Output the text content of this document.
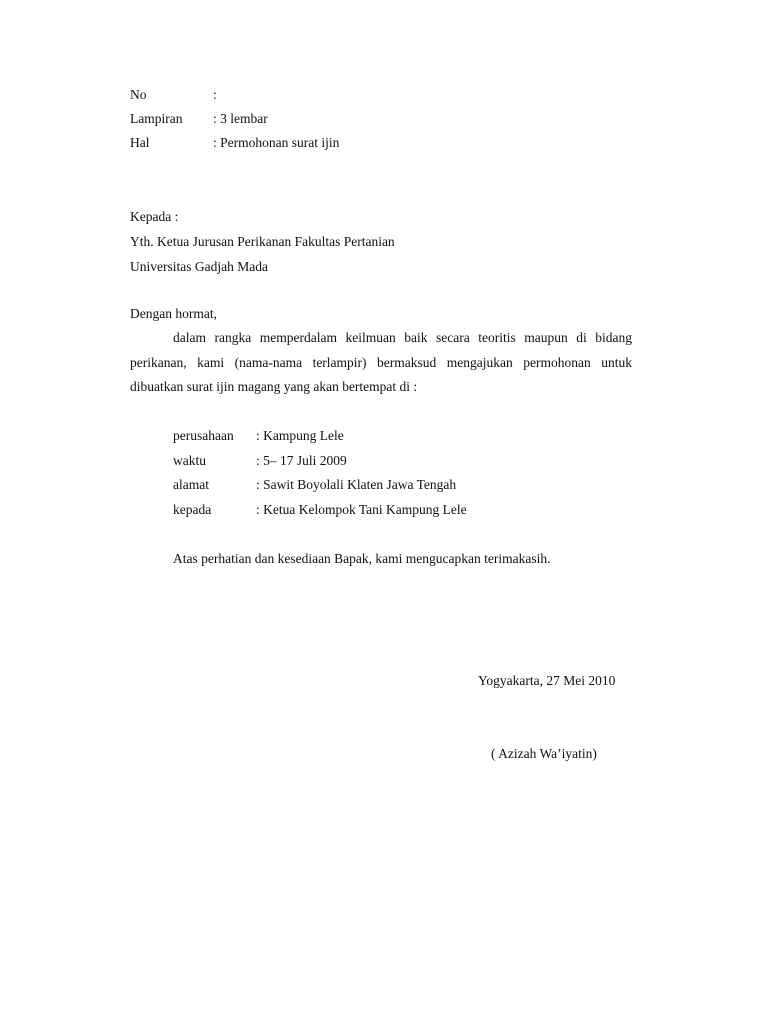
No	:
Lampiran : 3 lembar
Hal	: Permohonan surat ijin
Kepada :
Yth. Ketua Jurusan Perikanan Fakultas Pertanian
Universitas Gadjah Mada
Dengan hormat,
dalam rangka memperdalam keilmuan baik secara teoritis maupun di bidang
perikanan, kami (nama-nama terlampir) bermaksud mengajukan permohonan untuk
dibuatkan surat ijin magang yang akan bertempat di :
perusahaan : Kampung Lele
waktu	: 5– 17 Juli 2009
alamat	: Sawit Boyolali Klaten Jawa Tengah
kepada	: Ketua Kelompok Tani Kampung Lele
Atas perhatian dan kesediaan Bapak, kami mengucapkan terimakasih.
Yogyakarta, 27 Mei 2010
( Azizah Wa’iyatin)
